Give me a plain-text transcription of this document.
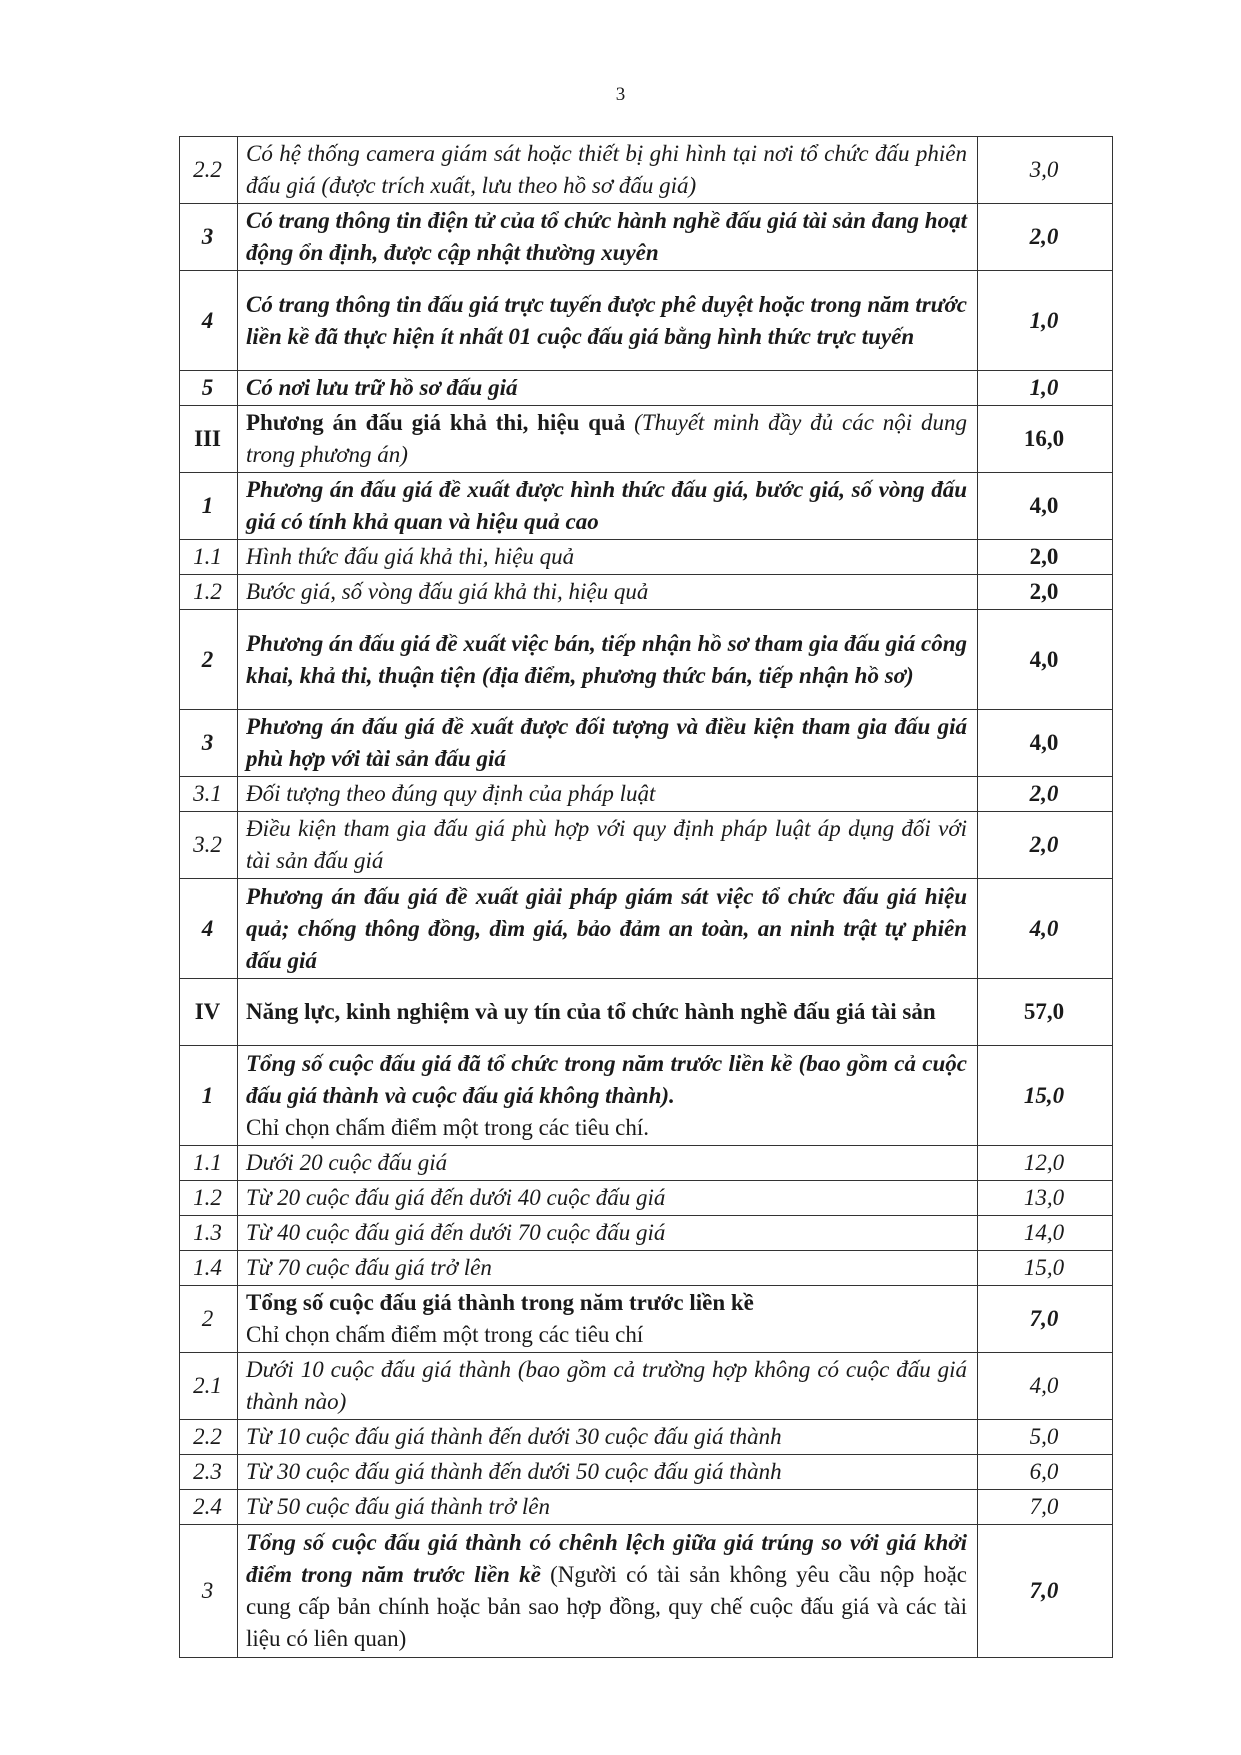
3
2.2	Có hệ thống camera giám sát hoặc thiết bị ghi hình tại nơi tổ chức đấu phiên đấu giá (được trích xuất, lưu theo hồ sơ đấu giá)	3,0
3	Có trang thông tin điện tử của tổ chức hành nghề đấu giá tài sản đang hoạt động ổn định, được cập nhật thường xuyên	2,0
4	Có trang thông tin đấu giá trực tuyến được phê duyệt hoặc trong năm trước liền kề đã thực hiện ít nhất 01 cuộc đấu giá bằng hình thức trực tuyến	1,0
5	Có nơi lưu trữ hồ sơ đấu giá	1,0
III	Phương án đấu giá khả thi, hiệu quả (Thuyết minh đầy đủ các nội dung trong phương án)	16,0
1	Phương án đấu giá đề xuất được hình thức đấu giá, bước giá, số vòng đấu giá có tính khả quan và hiệu quả cao	4,0
1.1	Hình thức đấu giá khả thi, hiệu quả	2,0
1.2	Bước giá, số vòng đấu giá khả thi, hiệu quả	2,0
2	Phương án đấu giá đề xuất việc bán, tiếp nhận hồ sơ tham gia đấu giá công khai, khả thi, thuận tiện (địa điểm, phương thức bán, tiếp nhận hồ sơ)	4,0
3	Phương án đấu giá đề xuất được đối tượng và điều kiện tham gia đấu giá phù hợp với tài sản đấu giá	4,0
3.1	Đối tượng theo đúng quy định của pháp luật	2,0
3.2	Điều kiện tham gia đấu giá phù hợp với quy định pháp luật áp dụng đối với tài sản đấu giá	2,0
4	Phương án đấu giá đề xuất giải pháp giám sát việc tổ chức đấu giá hiệu quả; chống thông đồng, dìm giá, bảo đảm an toàn, an ninh trật tự phiên đấu giá	4,0
IV	Năng lực, kinh nghiệm và uy tín của tổ chức hành nghề đấu giá tài sản	57,0
1	Tổng số cuộc đấu giá đã tổ chức trong năm trước liền kề (bao gồm cả cuộc đấu giá thành và cuộc đấu giá không thành).
Chỉ chọn chấm điểm một trong các tiêu chí.	15,0
1.1	Dưới 20 cuộc đấu giá	12,0
1.2	Từ 20 cuộc đấu giá đến dưới 40 cuộc đấu giá	13,0
1.3	Từ 40 cuộc đấu giá đến dưới 70 cuộc đấu giá	14,0
1.4	Từ 70 cuộc đấu giá trở lên	15,0
2	Tổng số cuộc đấu giá thành trong năm trước liền kề
Chỉ chọn chấm điểm một trong các tiêu chí	7,0
2.1	Dưới 10 cuộc đấu giá thành (bao gồm cả trường hợp không có cuộc đấu giá thành nào)	4,0
2.2	Từ 10 cuộc đấu giá thành đến dưới 30 cuộc đấu giá thành	5,0
2.3	Từ 30 cuộc đấu giá thành đến dưới 50 cuộc đấu giá thành	6,0
2.4	Từ 50 cuộc đấu giá thành trở lên	7,0
3	Tổng số cuộc đấu giá thành có chênh lệch giữa giá trúng so với giá khởi điểm trong năm trước liền kề (Người có tài sản không yêu cầu nộp hoặc cung cấp bản chính hoặc bản sao hợp đồng, quy chế cuộc đấu giá và các tài liệu có liên quan)	7,0
